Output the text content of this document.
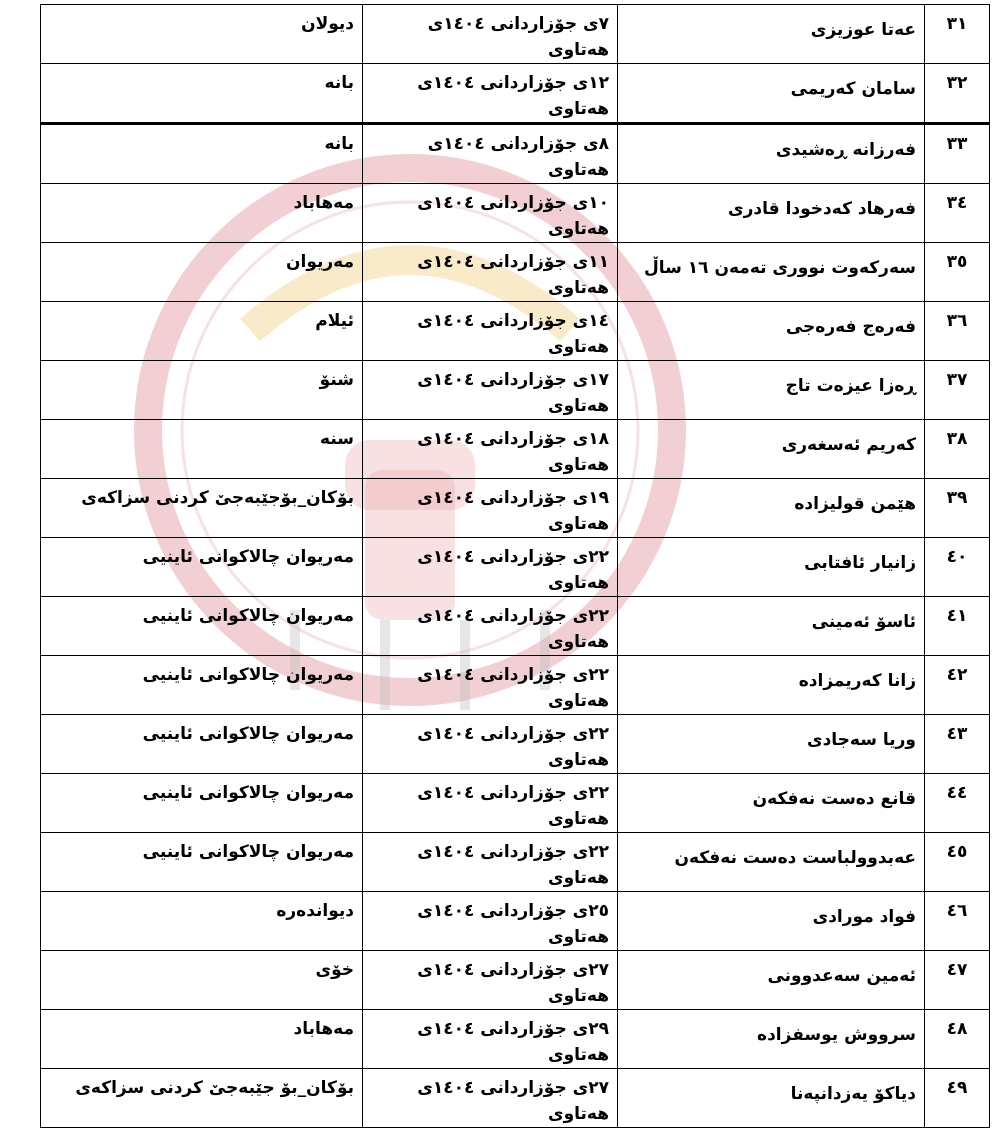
٣١	عەتا عوزیزی	٧ی جۆزاردانی ١٤٠٤ی هەتاوی	دیولان
٣٢	سامان کەریمی	١٢ی جۆزاردانی ١٤٠٤ی هەتاوی	بانە
٣٣	فەرزانە ڕەشیدی	٨ی جۆزاردانی ١٤٠٤ی هەتاوی	بانە
٣٤	فەرهاد کەدخودا قادری	١٠ی جۆزاردانی ١٤٠٤ی هەتاوی	مەهاباد
٣٥	سەرکەوت نووری تەمەن ١٦ ساڵ	١١ی جۆزاردانی ١٤٠٤ی هەتاوی	مەریوان
٣٦	فەرەج فەرەجی	١٤ی جۆزاردانی ١٤٠٤ی هەتاوی	ئیلام
٣٧	ڕەزا عیزەت تاج	١٧ی جۆزاردانی ١٤٠٤ی هەتاوی	شنۆ
٣٨	کەریم ئەسغەری	١٨ی جۆزاردانی ١٤٠٤ی هەتاوی	سنە
٣٩	هێمن قولیزادە	١٩ی جۆزاردانی ١٤٠٤ی هەتاوی	بۆکان_بۆجێبەجێ کردنی سزاکەی
٤٠	زانیار ئافتابی	٢٢ی جۆزاردانی ١٤٠٤ی هەتاوی	مەریوان چالاکوانی ئاینیی
٤١	ئاسۆ ئەمینی	٢٢ی جۆزاردانی ١٤٠٤ی هەتاوی	مەریوان چالاکوانی ئاینیی
٤٢	زانا کەریمزادە	٢٢ی جۆزاردانی ١٤٠٤ی هەتاوی	مەریوان چالاکوانی ئاینیی
٤٣	وریا سەجادی	٢٢ی جۆزاردانی ١٤٠٤ی هەتاوی	مەریوان چالاکوانی ئاینیی
٤٤	قانع دەست نەفکەن	٢٢ی جۆزاردانی ١٤٠٤ی هەتاوی	مەریوان چالاکوانی ئاینیی
٤٥	عەبدوولباست دەست نەفکەن	٢٢ی جۆزاردانی ١٤٠٤ی هەتاوی	مەریوان چالاکوانی ئاینیی
٤٦	فواد مورادی	٢٥ی جۆزاردانی ١٤٠٤ی هەتاوی	دیواندەرە
٤٧	ئەمین سەعدوونی	٢٧ی جۆزاردانی ١٤٠٤ی هەتاوی	خۆی
٤٨	سرووش یوسفزادە	٢٩ی جۆزاردانی ١٤٠٤ی هەتاوی	مەهاباد
٤٩	دیاکۆ یەزدانپەنا	٢٧ی جۆزاردانی ١٤٠٤ی هەتاوی	بۆکان_بۆ جێبەجێ کردنی سزاکەی
